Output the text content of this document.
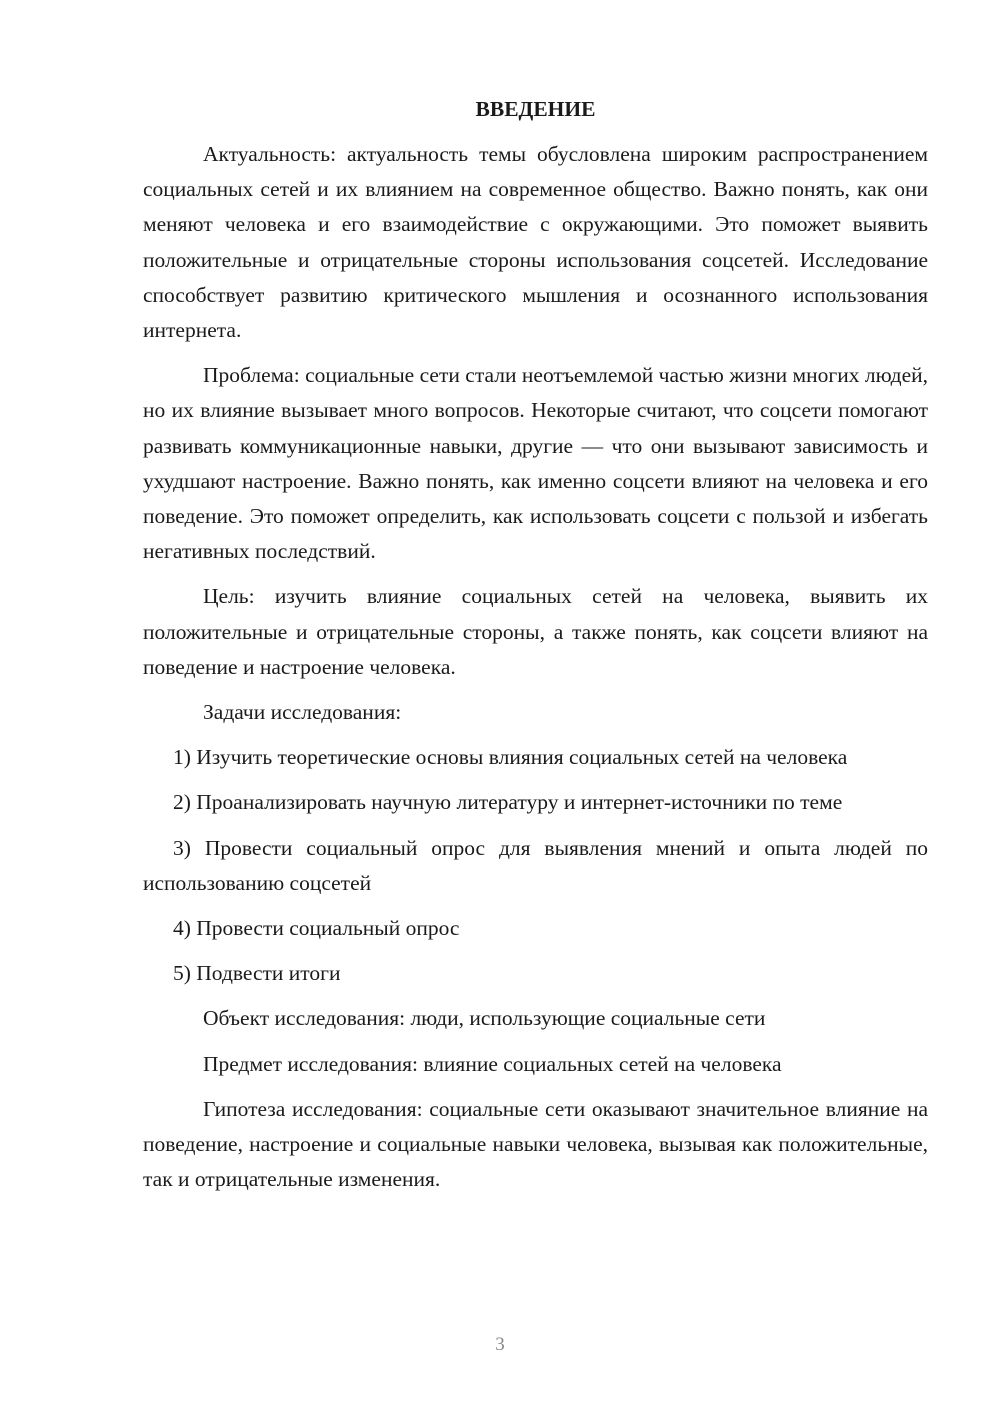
ВВЕДЕНИЕ

Актуальность: актуальность темы обусловлена широким распространением социальных сетей и их влиянием на современное общество. Важно понять, как они меняют человека и его взаимодействие с окружающими. Это поможет выявить положительные и отрицательные стороны использования соцсетей. Исследование способствует развитию критического мышления и осознанного использования интернета.

Проблема: социальные сети стали неотъемлемой частью жизни многих людей, но их влияние вызывает много вопросов. Некоторые считают, что соцсети помогают развивать коммуникационные навыки, другие — что они вызывают зависимость и ухудшают настроение. Важно понять, как именно соцсети влияют на человека и его поведение. Это поможет определить, как использовать соцсети с пользой и избегать негативных последствий.

Цель: изучить влияние социальных сетей на человека, выявить их положительные и отрицательные стороны, а также понять, как соцсети влияют на поведение и настроение человека.

Задачи исследования:

1) Изучить теоретические основы влияния социальных сетей на человека

2) Проанализировать научную литературу и интернет-источники по теме

3) Провести социальный опрос для выявления мнений и опыта людей по использованию соцсетей

4) Провести социальный опрос

5) Подвести итоги

Объект исследования: люди, использующие социальные сети

Предмет исследования: влияние социальных сетей на человека

Гипотеза исследования: социальные сети оказывают значительное влияние на поведение, настроение и социальные навыки человека, вызывая как положительные, так и отрицательные изменения.

3
